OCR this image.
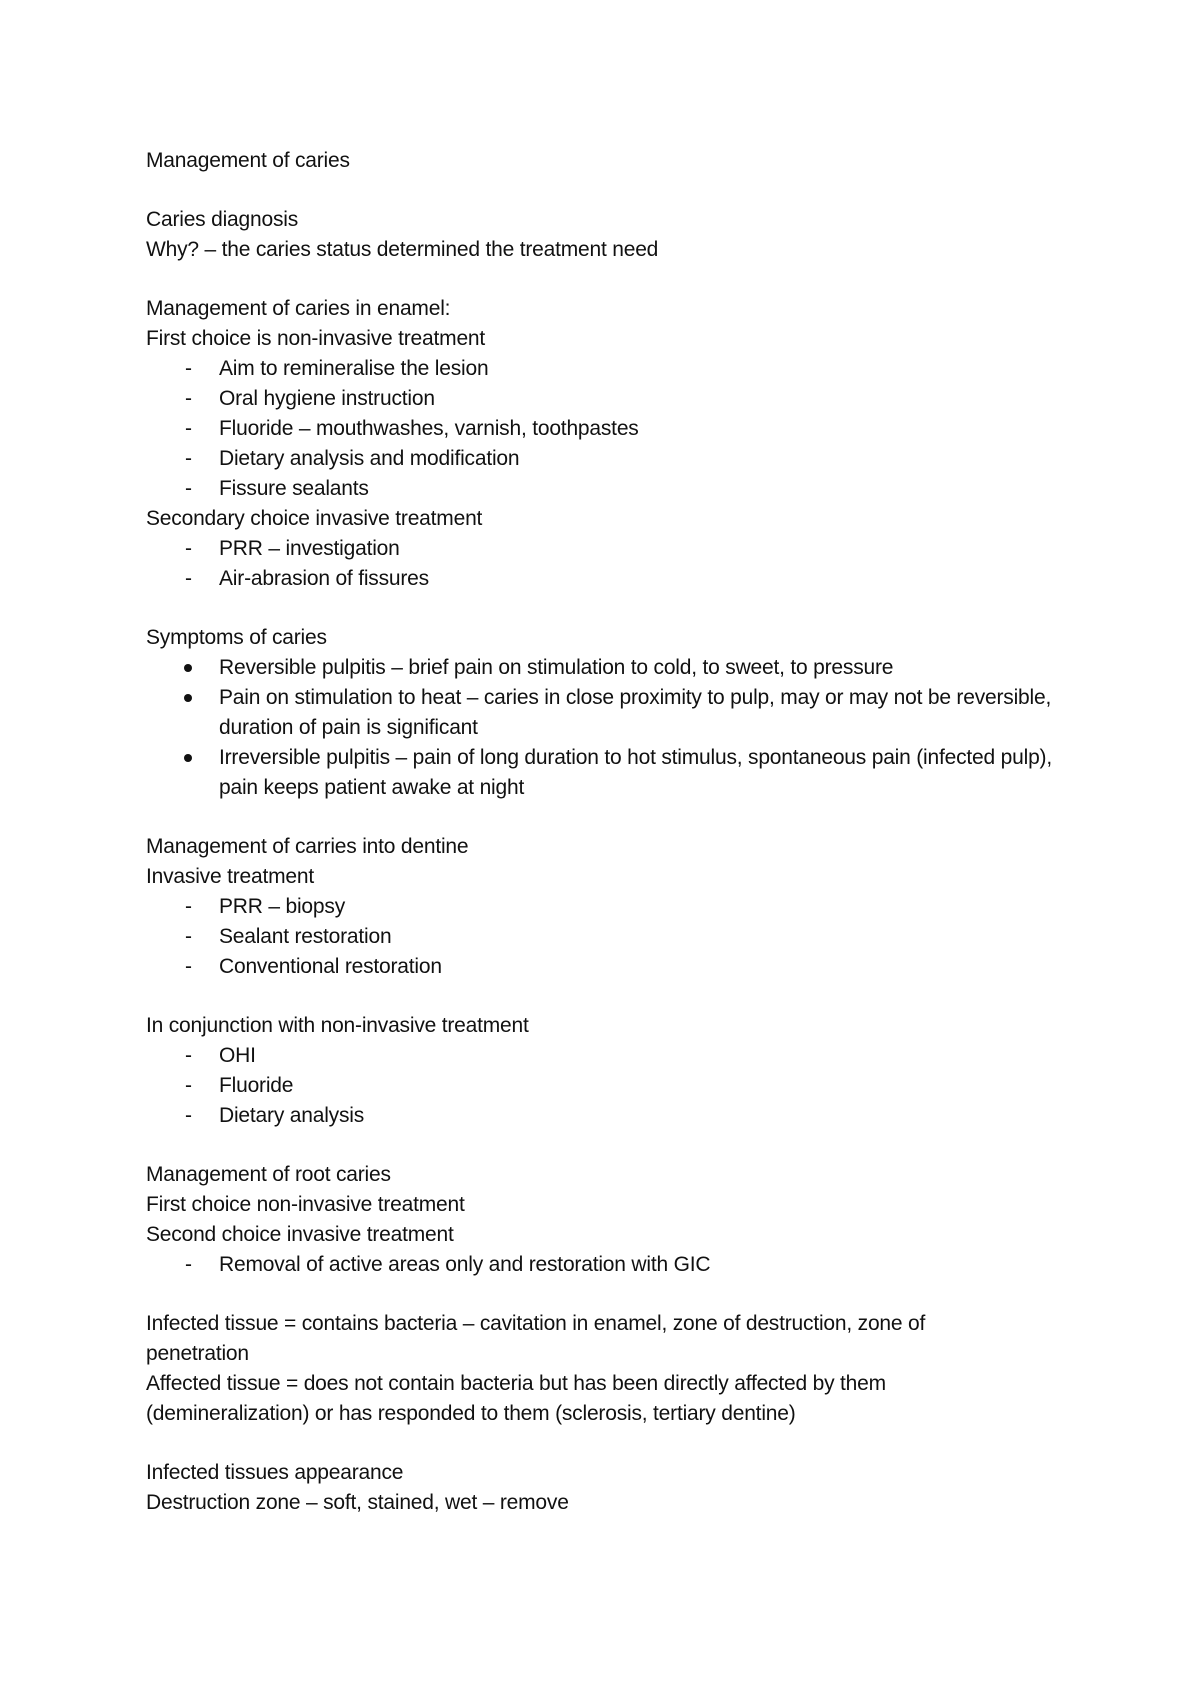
Management of caries

Caries diagnosis

Why? – the caries status determined the treatment need

Management of caries in enamel:

First choice is non-invasive treatment

- Aim to remineralise the lesion
- Oral hygiene instruction
- Fluoride – mouthwashes, varnish, toothpastes
- Dietary analysis and modification
- Fissure sealants

Secondary choice invasive treatment

- PRR – investigation
- Air-abrasion of fissures

Symptoms of caries

Reversible pulpitis – brief pain on stimulation to cold, to sweet, to pressure
Pain on stimulation to heat – caries in close proximity to pulp, may or may not be reversible, duration of pain is significant
Irreversible pulpitis – pain of long duration to hot stimulus, spontaneous pain (infected pulp), pain keeps patient awake at night

Management of carries into dentine

Invasive treatment

- PRR – biopsy
- Sealant restoration
- Conventional restoration

In conjunction with non-invasive treatment

- OHI
- Fluoride
- Dietary analysis

Management of root caries

First choice non-invasive treatment

Second choice invasive treatment

- Removal of active areas only and restoration with GIC

Infected tissue = contains bacteria – cavitation in enamel, zone of destruction, zone of

penetration

Affected tissue = does not contain bacteria but has been directly affected by them

(demineralization) or has responded to them (sclerosis, tertiary dentine)

Infected tissues appearance

Destruction zone – soft, stained, wet – remove
